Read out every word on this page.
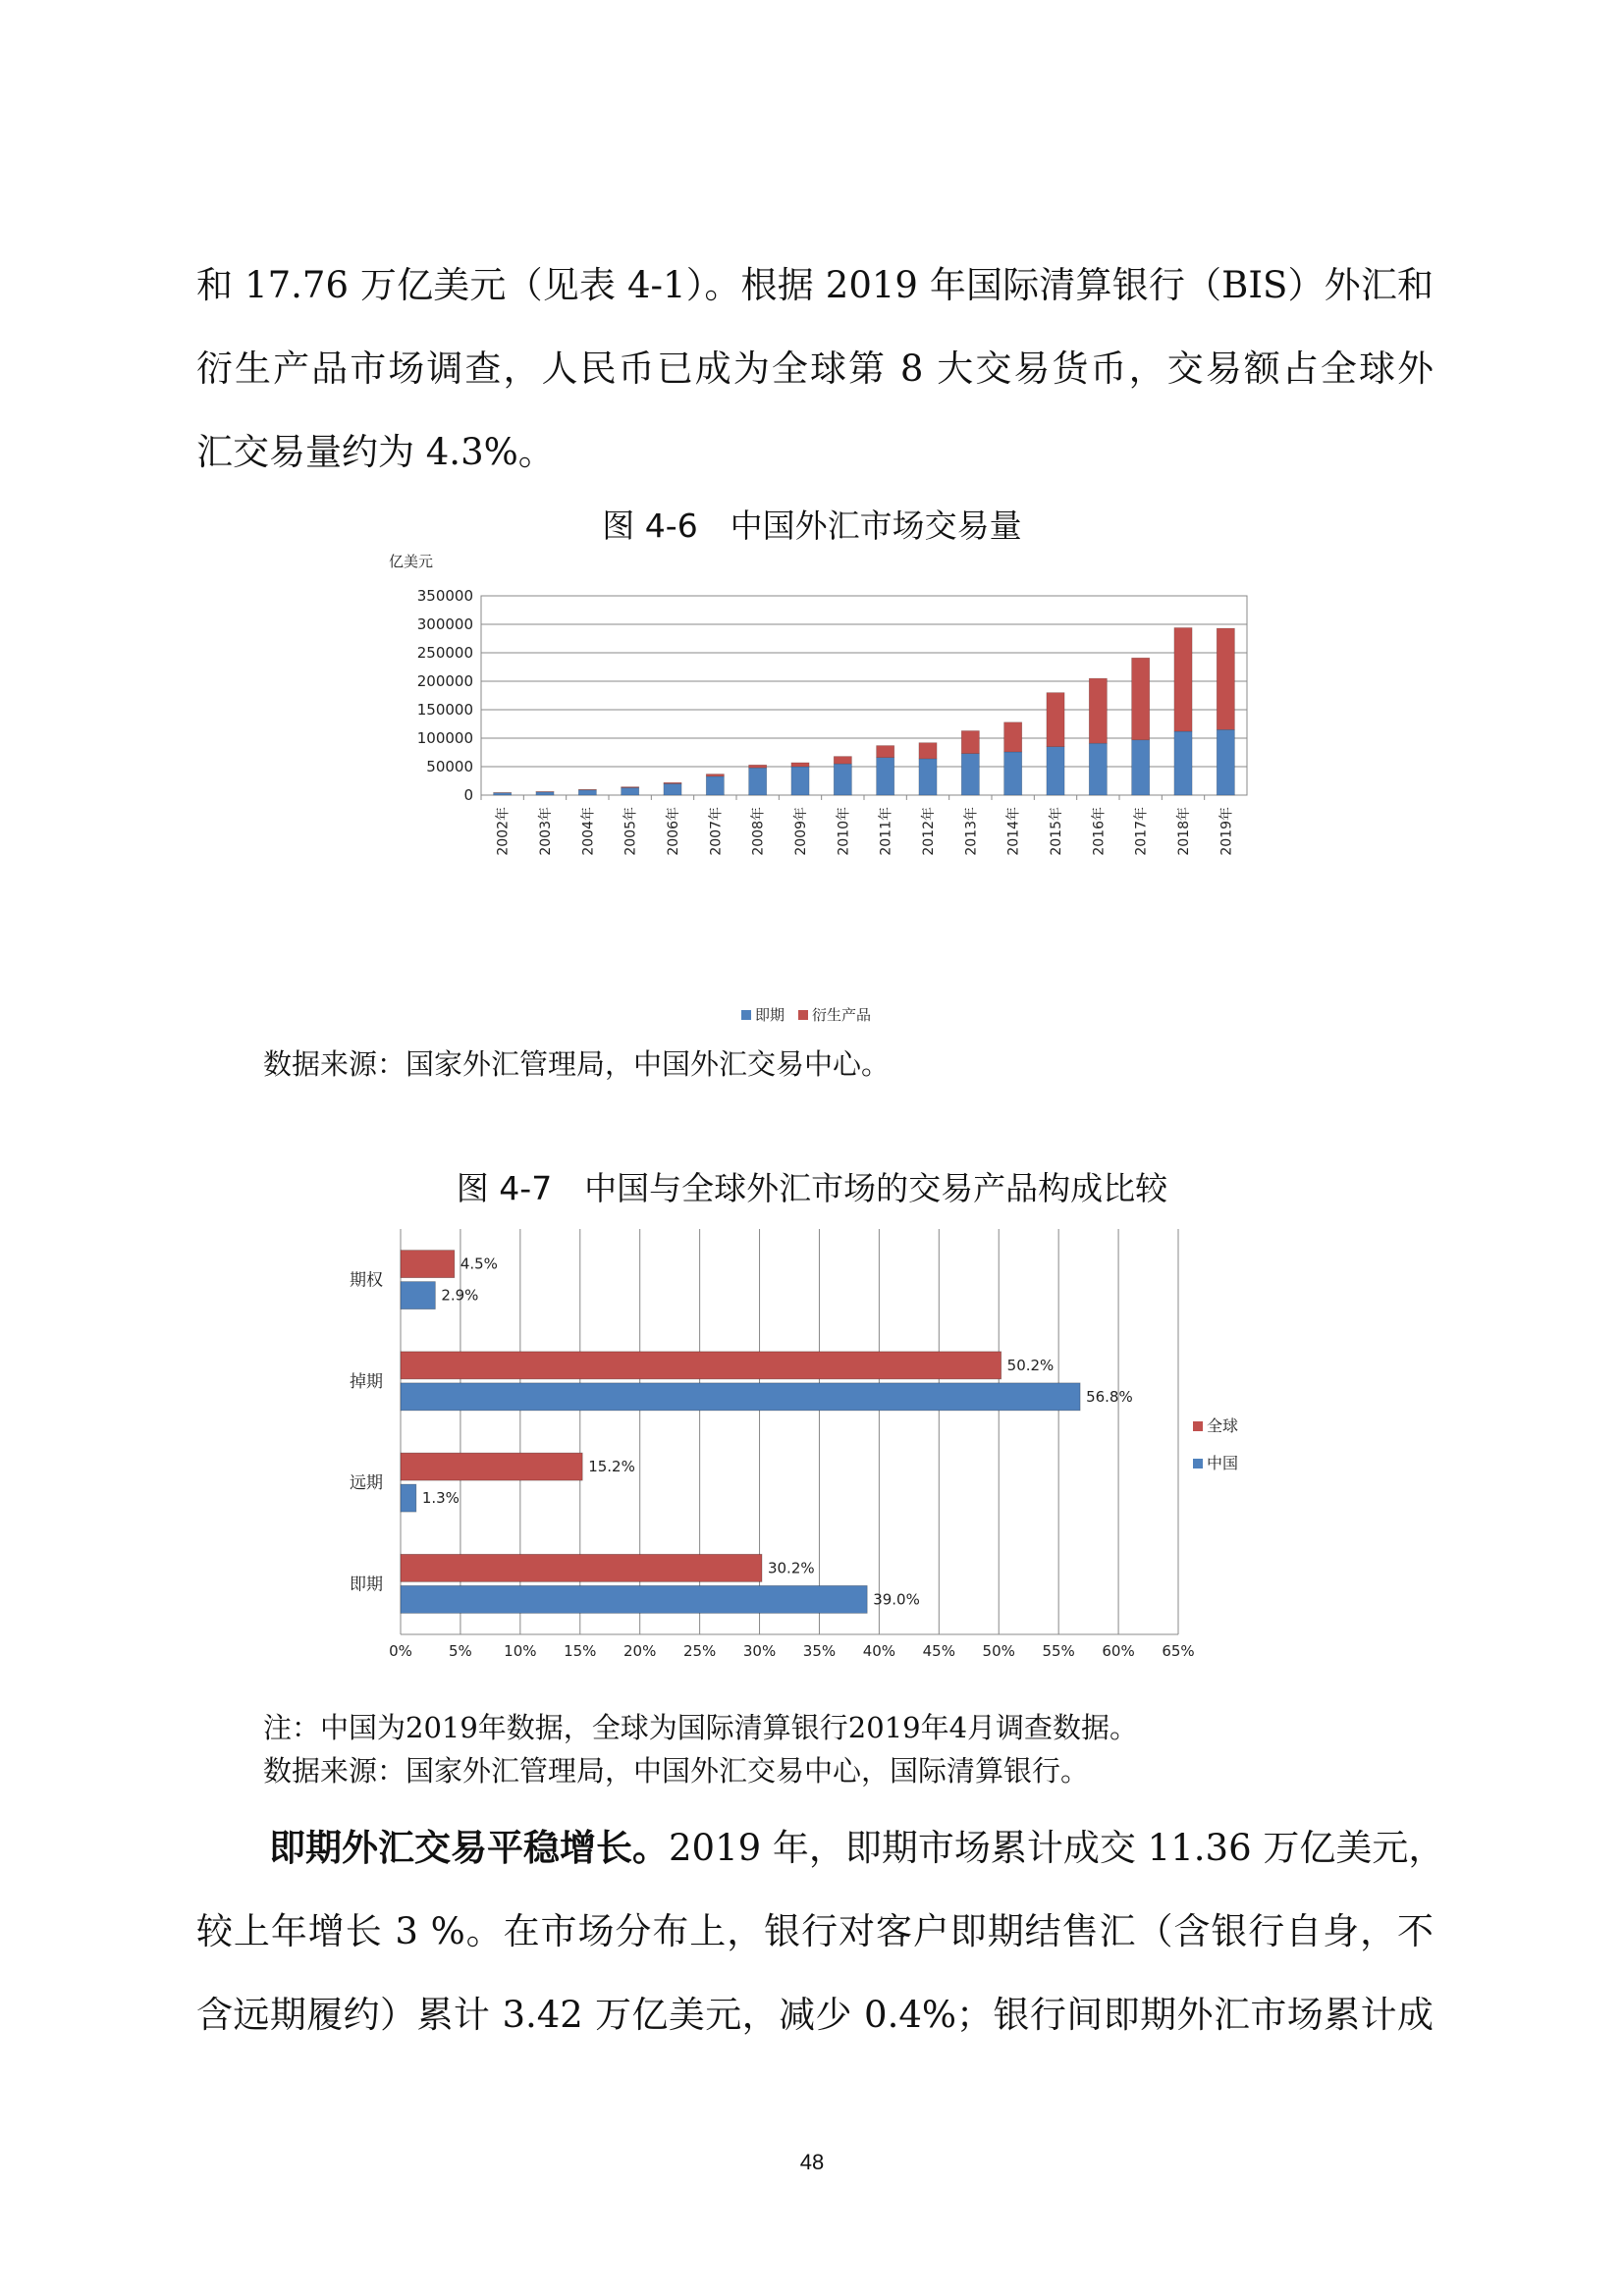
和 17.76 万亿美元（见表 4-1）。根据 2019 年国际清算银行（BIS）外汇和
衍生产品市场调查，人民币已成为全球第 8 大交易货币，交易额占全球外
汇交易量约为 4.3%。
图 4-6　中国外汇市场交易量
350000
300000
250000
200000
150000
100000
50000
0
2002年 2003年 2004年 2005年 2006年 2007年 2008年 2009年 2010年 2011年 2012年 2013年 2014年 2015年 2016年 2017年 2018年 2019年
亿美元
即期 衍生产品
数据来源：国家外汇管理局，中国外汇交易中心。
图 4-7　中国与全球外汇市场的交易产品构成比较
4.5%
2.9%
50.2%
56.8%
15.2%
1.3%
30.2%
39.0%
期权
掉期
远期
即期
0% 5% 10% 15% 20% 25% 30% 35% 40% 45% 50% 55% 60% 65%
全球
中国
注：中国为2019年数据，全球为国际清算银行2019年4月调查数据。
数据来源：国家外汇管理局，中国外汇交易中心，国际清算银行。
即期外汇交易平稳增长。2019 年，即期市场累计成交 11.36 万亿美元，
较上年增长 3 %。在市场分布上，银行对客户即期结售汇（含银行自身，不
含远期履约）累计 3.42 万亿美元，减少 0.4%；银行间即期外汇市场累计成
48
